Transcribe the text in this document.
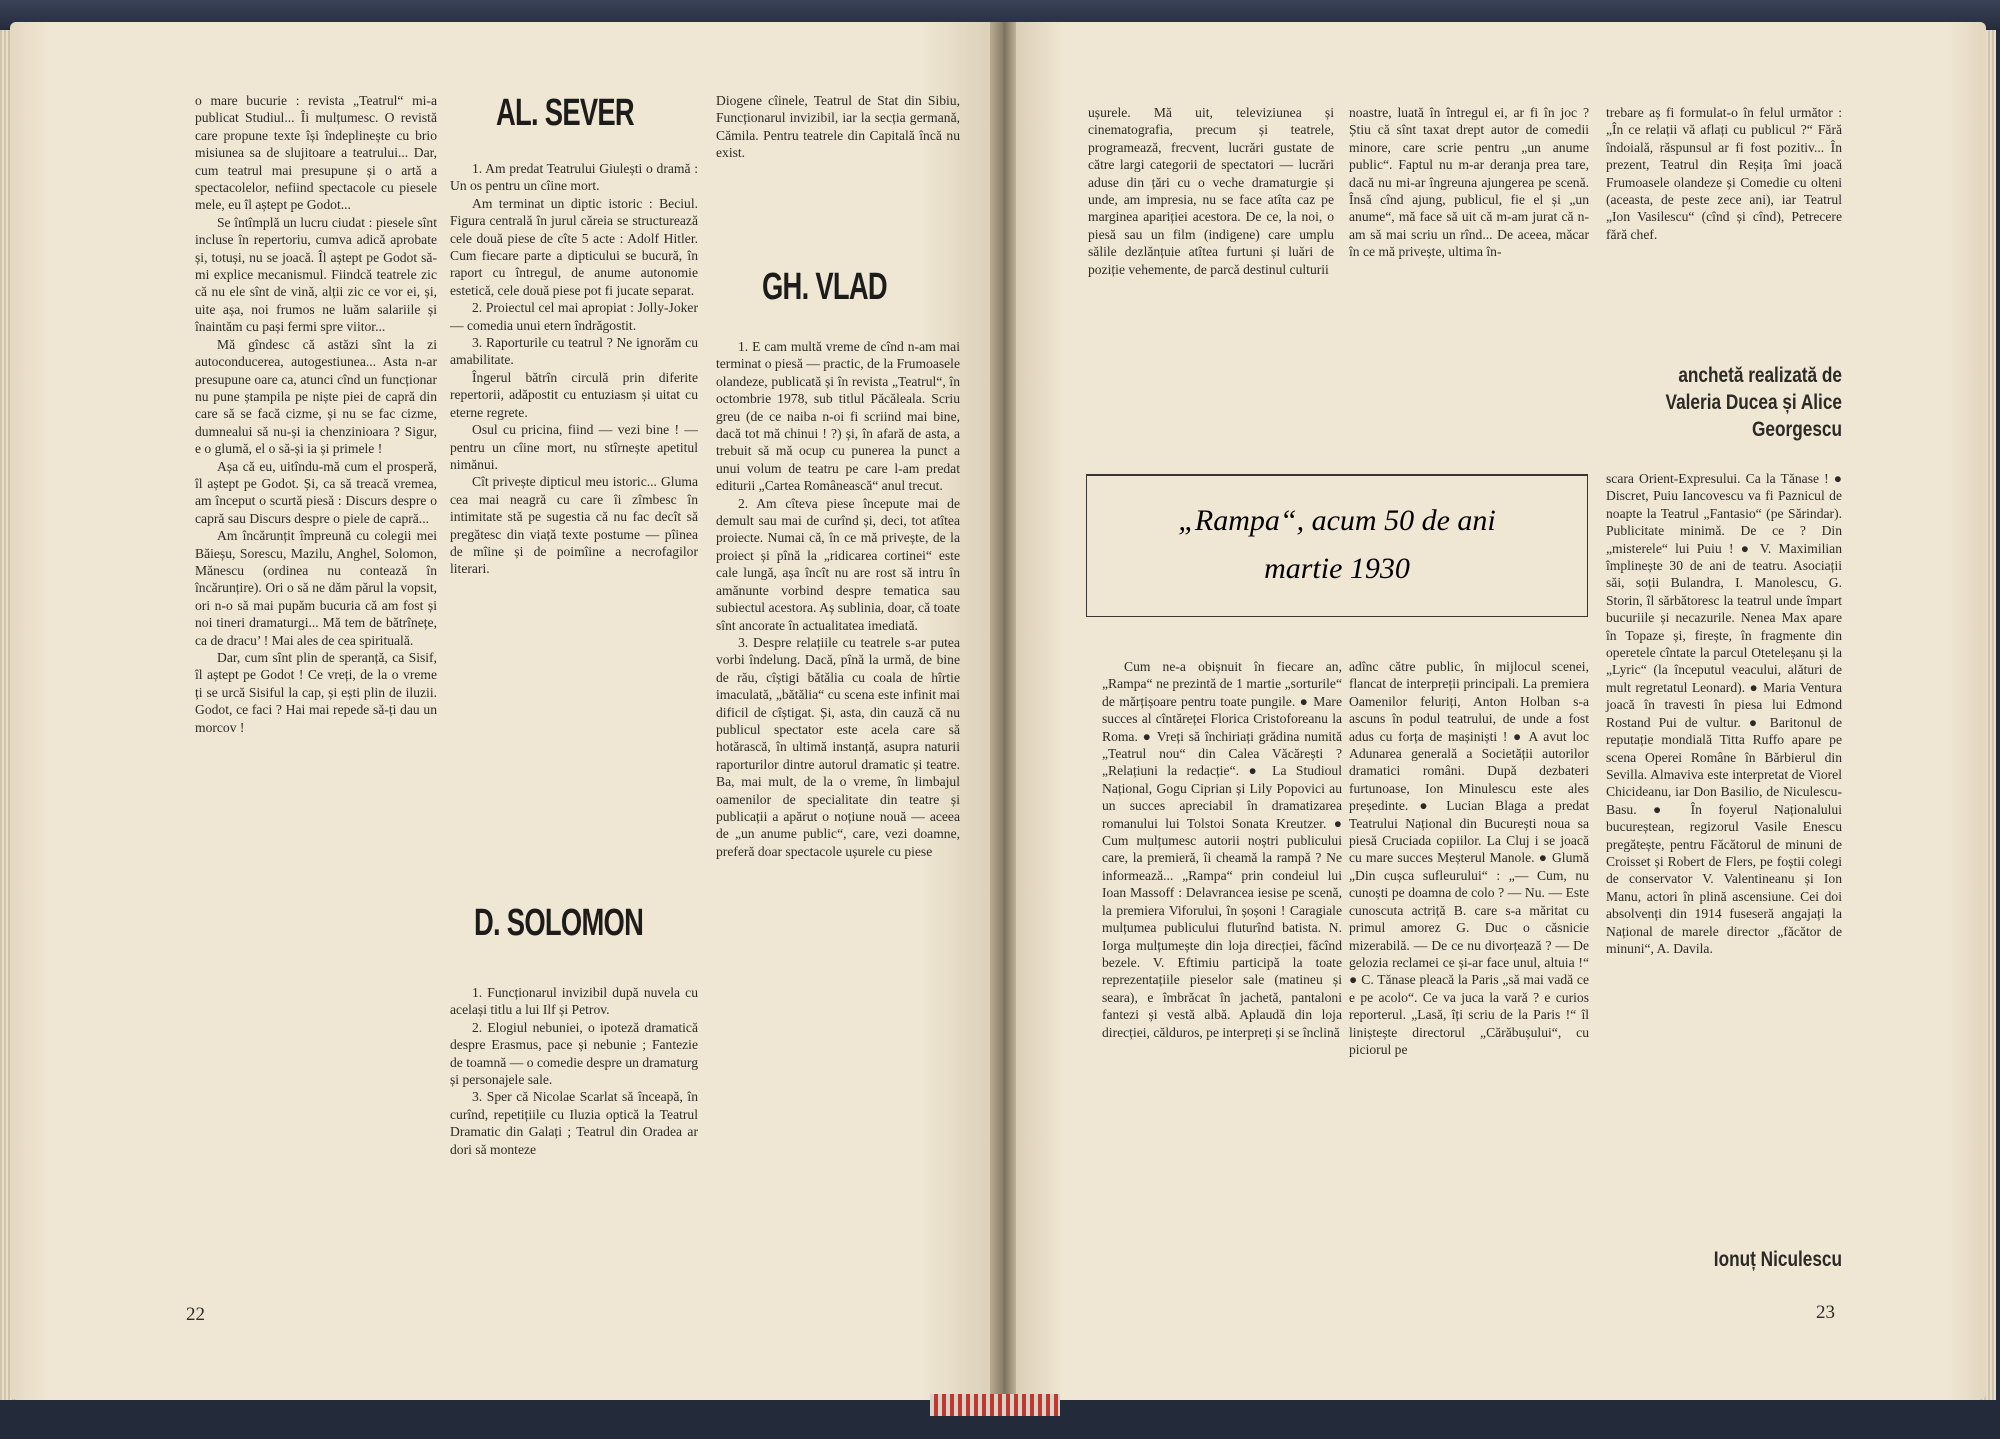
o mare bucurie : revista „Teatrul“ mi-a publicat Studiul... Îi mulțumesc. O revistă care propune texte își îndeplinește cu brio misiunea sa de slujitoare a teatrului... Dar, cum teatrul mai presupune și o artă a spectacolelor, nefiind spectacole cu piesele mele, eu îl aștept pe Godot...

Se întîmplă un lucru ciudat : piesele sînt incluse în repertoriu, cumva adică aprobate și, totuși, nu se joacă. Îl aștept pe Godot să-mi explice mecanismul. Fiindcă teatrele zic că nu ele sînt de vină, alții zic ce vor ei, și, uite așa, noi frumos ne luăm salariile și înaintăm cu pași fermi spre viitor...

Mă gîndesc că astăzi sînt la zi autoconducerea, autogestiunea... Asta n-ar presupune oare ca, atunci cînd un funcționar nu pune ștampila pe niște piei de capră din care să se facă cizme, și nu se fac cizme, dumnealui să nu-și ia chenzinioara ? Sigur, e o glumă, el o să-și ia și primele !

Așa că eu, uitîndu-mă cum el prosperă, îl aștept pe Godot. Și, ca să treacă vremea, am început o scurtă piesă : Discurs despre o capră sau Discurs despre o piele de capră...

Am încărunțit împreună cu colegii mei Băieșu, Sorescu, Mazilu, Anghel, Solomon, Mănescu (ordinea nu contează în încărunțire). Ori o să ne dăm părul la vopsit, ori n-o să mai pupăm bucuria că am fost și noi tineri dramaturgi... Mă tem de bătrînețe, ca de dracu’ ! Mai ales de cea spirituală.

Dar, cum sînt plin de speranță, ca Sisif, îl aștept pe Godot ! Ce vreți, de la o vreme ți se urcă Sisiful la cap, și ești plin de iluzii. Godot, ce faci ? Hai mai repede să-ți dau un morcov !

AL. SEVER

1. Am predat Teatrului Giulești o dramă : Un os pentru un cîine mort.

Am terminat un diptic istoric : Beciul. Figura centrală în jurul căreia se structurează cele două piese de cîte 5 acte : Adolf Hitler. Cum fiecare parte a dipticului se bucură, în raport cu întregul, de anume autonomie estetică, cele două piese pot fi jucate separat.

2. Proiectul cel mai apropiat : Jolly-Joker — comedia unui etern îndrăgostit.

3. Raporturile cu teatrul ? Ne ignorăm cu amabilitate.

Îngerul bătrîn circulă prin diferite repertorii, adăpostit cu entuziasm și uitat cu eterne regrete.

Osul cu pricina, fiind — vezi bine ! — pentru un cîine mort, nu stîrnește apetitul nimănui.

Cît privește dipticul meu istoric... Gluma cea mai neagră cu care îi zîmbesc în intimitate stă pe sugestia că nu fac decît să pregătesc din viață texte postume — pîinea de mîine și de poimîine a necrofagilor literari.

D. SOLOMON

1. Funcționarul invizibil după nuvela cu același titlu a lui Ilf și Petrov.

2. Elogiul nebuniei, o ipoteză dramatică despre Erasmus, pace și nebunie ; Fantezie de toamnă — o comedie despre un dramaturg și personajele sale.

3. Sper că Nicolae Scarlat să înceapă, în curînd, repetițiile cu Iluzia optică la Teatrul Dramatic din Galați ; Teatrul din Oradea ar dori să monteze

Diogene cîinele, Teatrul de Stat din Sibiu, Funcționarul invizibil, iar la secția germană, Cămila. Pentru teatrele din Capitală încă nu exist.

GH. VLAD

1. E cam multă vreme de cînd n-am mai terminat o piesă — practic, de la Frumoasele olandeze, publicată și în revista „Teatrul“, în octombrie 1978, sub titlul Păcăleala. Scriu greu (de ce naiba n-oi fi scriind mai bine, dacă tot mă chinui ! ?) și, în afară de asta, a trebuit să mă ocup cu punerea la punct a unui volum de teatru pe care l-am predat editurii „Cartea Românească“ anul trecut.

2. Am cîteva piese începute mai de demult sau mai de curînd și, deci, tot atîtea proiecte. Numai că, în ce mă privește, de la proiect și pînă la „ridicarea cortinei“ este cale lungă, așa încît nu are rost să intru în amănunte vorbind despre tematica sau subiectul acestora. Aș sublinia, doar, că toate sînt ancorate în actualitatea imediată.

3. Despre relațiile cu teatrele s-ar putea vorbi îndelung. Dacă, pînă la urmă, de bine de rău, cîștigi bătălia cu coala de hîrtie imaculată, „bătălia“ cu scena este infinit mai dificil de cîștigat. Și, asta, din cauză că nu publicul spectator este acela care să hotărască, în ultimă instanță, asupra naturii raporturilor dintre autorul dramatic și teatre. Ba, mai mult, de la o vreme, în limbajul oamenilor de specialitate din teatre și publicații a apărut o noțiune nouă — aceea de „un anume public“, care, vezi doamne, preferă doar spectacole ușurele cu piese

22

ușurele. Mă uit, televiziunea și cinematografia, precum și teatrele, programează, frecvent, lucrări gustate de către largi categorii de spectatori — lucrări aduse din țări cu o veche dramaturgie și unde, am impresia, nu se face atîta caz pe marginea apariției acestora. De ce, la noi, o piesă sau un film (indigene) care umplu sălile dezlănțuie atîtea furtuni și luări de poziție vehemente, de parcă destinul culturii

noastre, luată în întregul ei, ar fi în joc ? Știu că sînt taxat drept autor de comedii minore, care scrie pentru „un anume public“. Faptul nu m-ar deranja prea tare, dacă nu mi-ar îngreuna ajungerea pe scenă. Însă cînd ajung, publicul, fie el și „un anume“, mă face să uit că m-am jurat că n-am să mai scriu un rînd... De aceea, măcar în ce mă privește, ultima în-

trebare aș fi formulat-o în felul următor : „În ce relații vă aflați cu publicul ?“ Fără îndoială, răspunsul ar fi fost pozitiv... În prezent, Teatrul din Reșița îmi joacă Frumoasele olandeze și Comedie cu olteni (aceasta, de peste zece ani), iar Teatrul „Ion Vasilescu“ (cînd și cînd), Petrecere fără chef.

anchetă realizată de Valeria Ducea și Alice Georgescu
„Rampa“, acum 50 de ani
martie 1930

Cum ne-a obișnuit în fiecare an, „Rampa“ ne prezintă de 1 martie „sorturile“ de mărțișoare pentru toate pungile. ● Mare succes al cîntăreței Florica Cristoforeanu la Roma. ● Vreți să închiriați grădina numită „Teatrul nou“ din Calea Văcărești ? „Relațiuni la redacție“. ● La Studioul Național, Gogu Ciprian și Lily Popovici au un succes apreciabil în dramatizarea romanului lui Tolstoi Sonata Kreutzer. ● Cum mulțumesc autorii noștri publicului care, la premieră, îi cheamă la rampă ? Ne informează... „Rampa“ prin condeiul lui Ioan Massoff : Delavrancea iesise pe scenă, la premiera Viforului, în șoșoni ! Caragiale mulțumea publicului fluturînd batista. N. Iorga mulțumește din loja direcției, făcînd bezele. V. Eftimiu participă la toate reprezentațiile pieselor sale (matineu și seara), e îmbrăcat în jachetă, pantaloni fantezi și vestă albă. Aplaudă din loja direcției, călduros, pe interpreți și se înclină

adînc către public, în mijlocul scenei, flancat de interpreții principali. La premiera Oamenilor feluriți, Anton Holban s-a ascuns în podul teatrului, de unde a fost adus cu forța de mașiniști ! ● A avut loc Adunarea generală a Societății autorilor dramatici români. După dezbateri furtunoase, Ion Minulescu este ales președinte. ● Lucian Blaga a predat Teatrului Național din București noua sa piesă Cruciada copiilor. La Cluj i se joacă cu mare succes Meșterul Manole. ● Glumă „Din cușca sufleurului“ : „— Cum, nu cunoști pe doamna de colo ? — Nu. — Este cunoscuta actriță B. care s-a măritat cu primul amorez G. Duc o căsnicie mizerabilă. — De ce nu divorțează ? — De gelozia reclamei ce și-ar face unul, altuia !“ ● C. Tănase pleacă la Paris „să mai vadă ce e pe acolo“. Ce va juca la vară ? e curios reporterul. „Lasă, îți scriu de la Paris !“ îl liniștește directorul „Cărăbușului“, cu piciorul pe

scara Orient-Expresului. Ca la Tănase ! ● Discret, Puiu Iancovescu va fi Paznicul de noapte la Teatrul „Fantasio“ (pe Sărindar). Publicitate minimă. De ce ? Din „misterele“ lui Puiu ! ● V. Maximilian împlinește 30 de ani de teatru. Asociații săi, soții Bulandra, I. Manolescu, G. Storin, îl sărbătoresc la teatrul unde împart bucuriile și necazurile. Nenea Max apare în Topaze și, firește, în fragmente din operetele cîntate la parcul Oteteleșanu și la „Lyric“ (la începutul veacului, alături de mult regretatul Leonard). ● Maria Ventura joacă în travesti în piesa lui Edmond Rostand Pui de vultur. ● Baritonul de reputație mondială Titta Ruffo apare pe scena Operei Române în Bărbierul din Sevilla. Almaviva este interpretat de Viorel Chicideanu, iar Don Basilio, de Niculescu-Basu. ● În foyerul Naționalului bucureștean, regizorul Vasile Enescu pregătește, pentru Făcătorul de minuni de Croisset și Robert de Flers, pe foștii colegi de conservator V. Valentineanu și Ion Manu, actori în plină ascensiune. Cei doi absolvenți din 1914 fuseseră angajați la Național de marele director „făcător de minuni“, A. Davila.

Ionuț Niculescu
23
